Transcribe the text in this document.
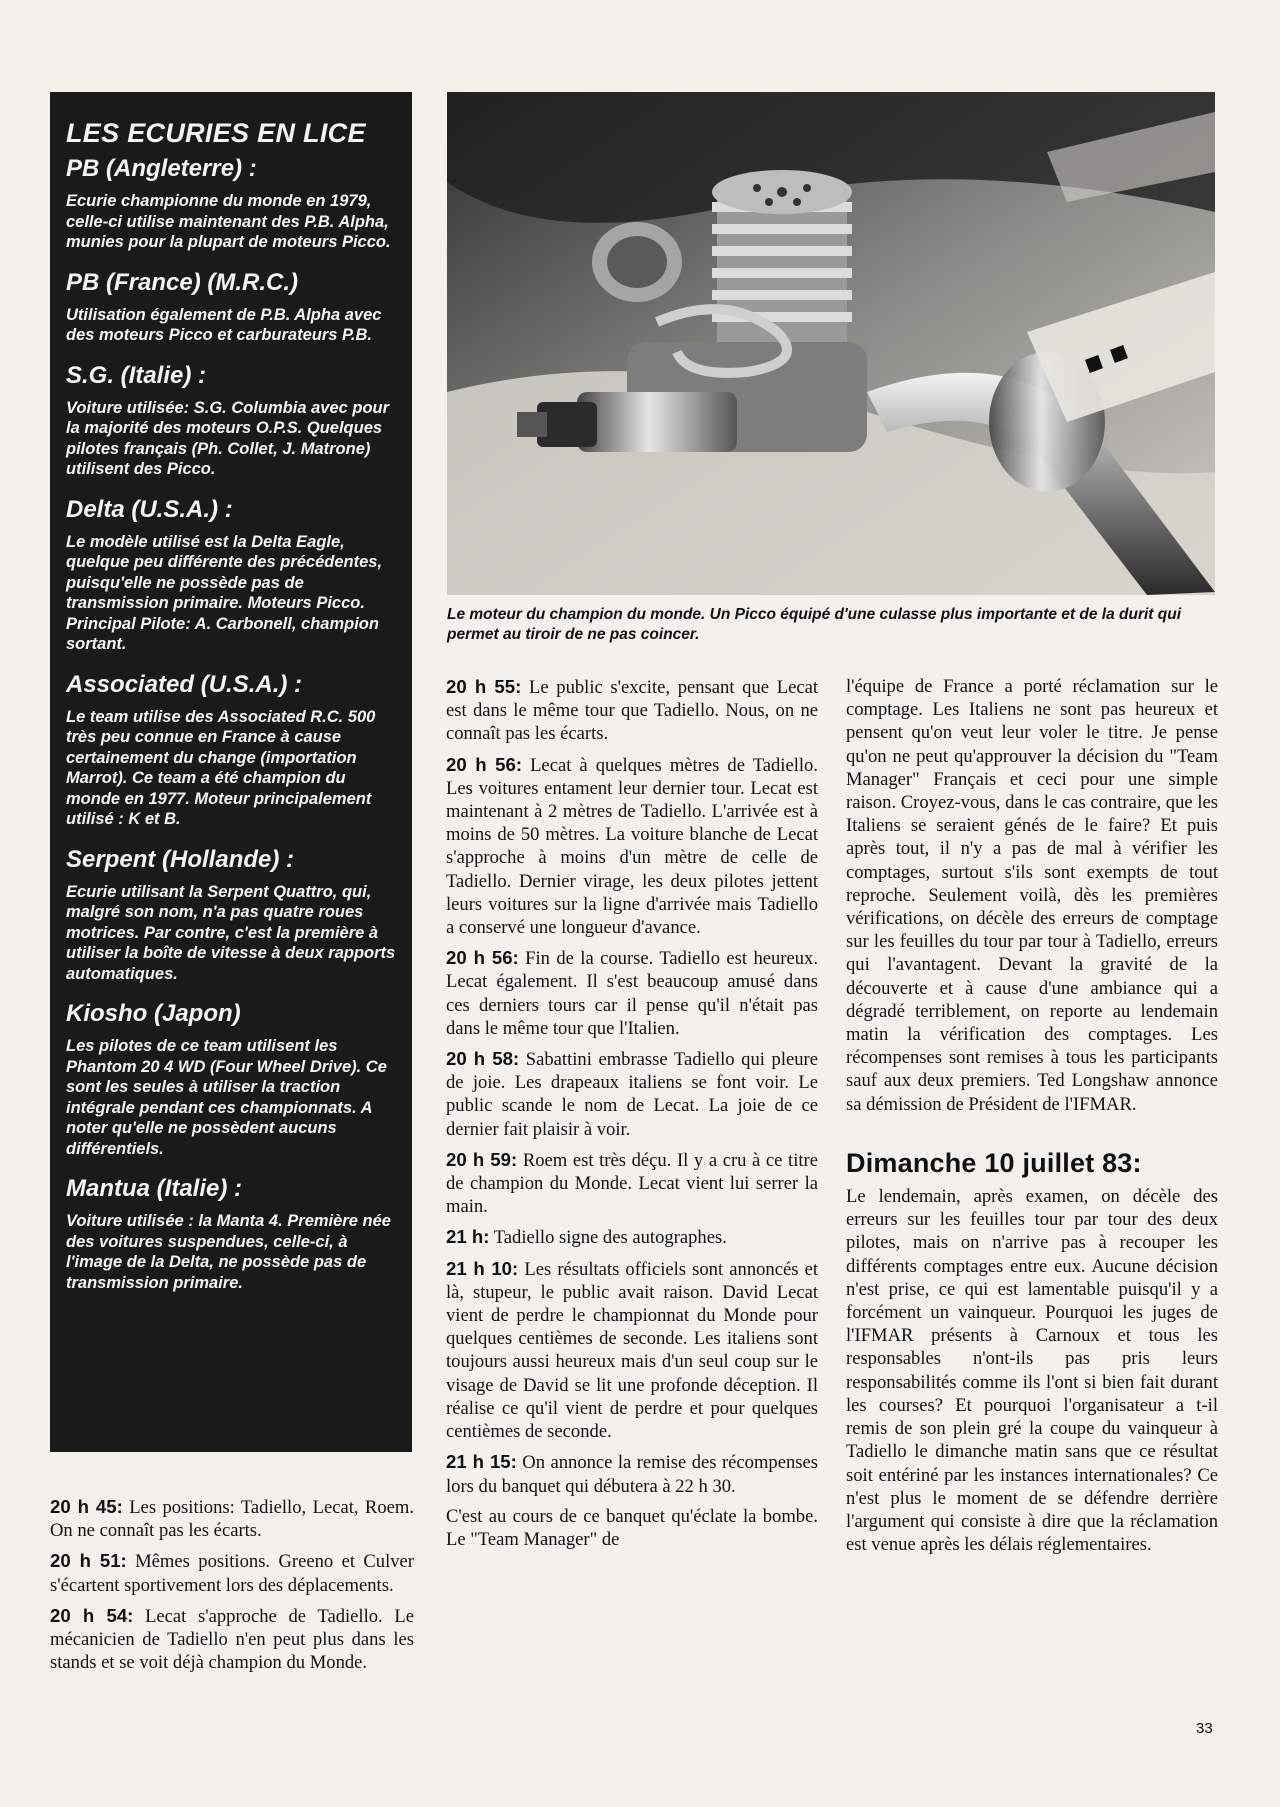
LES ECURIES EN LICE
PB (Angleterre) :

Ecurie championne du monde en 1979, celle-ci utilise maintenant des P.B. Alpha, munies pour la plupart de moteurs Picco.

PB (France) (M.R.C.)

Utilisation également de P.B. Alpha avec des moteurs Picco et carburateurs P.B.

S.G. (Italie) :

Voiture utilisée: S.G. Columbia avec pour la majorité des moteurs O.P.S. Quelques pilotes français (Ph. Collet, J. Matrone) utilisent des Picco.

Delta (U.S.A.) :

Le modèle utilisé est la Delta Eagle, quelque peu différente des précédentes, puisqu'elle ne possède pas de transmission primaire. Moteurs Picco. Principal Pilote: A. Carbonell, champion sortant.

Associated (U.S.A.) :

Le team utilise des Associated R.C. 500 très peu connue en France à cause certainement du change (importation Marrot). Ce team a été champion du monde en 1977. Moteur principalement utilisé : K et B.

Serpent (Hollande) :

Ecurie utilisant la Serpent Quattro, qui, malgré son nom, n'a pas quatre roues motrices. Par contre, c'est la première à utiliser la boîte de vitesse à deux rapports automatiques.

Kiosho (Japon)

Les pilotes de ce team utilisent les Phantom 20 4 WD (Four Wheel Drive). Ce sont les seules à utiliser la traction intégrale pendant ces championnats. A noter qu'elle ne possèdent aucuns différentiels.

Mantua (Italie) :

Voiture utilisée : la Manta 4. Première née des voitures suspendues, celle-ci, à l'image de la Delta, ne possède pas de transmission primaire.

Le moteur du champion du monde. Un Picco équipé d'une culasse plus importante et de la durit qui permet au tiroir de ne pas coincer.

20 h 45: Les positions: Tadiello, Lecat, Roem. On ne connaît pas les écarts.

20 h 51: Mêmes positions. Greeno et Culver s'écartent sportivement lors des déplacements.

20 h 54: Lecat s'approche de Tadiello. Le mécanicien de Tadiello n'en peut plus dans les stands et se voit déjà champion du Monde.

20 h 55: Le public s'excite, pensant que Lecat est dans le même tour que Tadiello. Nous, on ne connaît pas les écarts.

20 h 56: Lecat à quelques mètres de Tadiello. Les voitures entament leur dernier tour. Lecat est maintenant à 2 mètres de Tadiello. L'arrivée est à moins de 50 mètres. La voiture blanche de Lecat s'approche à moins d'un mètre de celle de Tadiello. Dernier virage, les deux pilotes jettent leurs voitures sur la ligne d'arrivée mais Tadiello a conservé une longueur d'avance.

20 h 56: Fin de la course. Tadiello est heureux. Lecat également. Il s'est beaucoup amusé dans ces derniers tours car il pense qu'il n'était pas dans le même tour que l'Italien.

20 h 58: Sabattini embrasse Tadiello qui pleure de joie. Les drapeaux italiens se font voir. Le public scande le nom de Lecat. La joie de ce dernier fait plaisir à voir.

20 h 59: Roem est très déçu. Il y a cru à ce titre de champion du Monde. Lecat vient lui serrer la main.

21 h: Tadiello signe des autographes.

21 h 10: Les résultats officiels sont annoncés et là, stupeur, le public avait raison. David Lecat vient de perdre le championnat du Monde pour quelques centièmes de seconde. Les italiens sont toujours aussi heureux mais d'un seul coup sur le visage de David se lit une profonde déception. Il réalise ce qu'il vient de perdre et pour quelques centièmes de seconde.

21 h 15: On annonce la remise des récompenses lors du banquet qui débutera à 22 h 30.

C'est au cours de ce banquet qu'éclate la bombe. Le "Team Manager" de

l'équipe de France a porté réclamation sur le comptage. Les Italiens ne sont pas heureux et pensent qu'on veut leur voler le titre. Je pense qu'on ne peut qu'approuver la décision du "Team Manager" Français et ceci pour une simple raison. Croyez-vous, dans le cas contraire, que les Italiens se seraient génés de le faire? Et puis après tout, il n'y a pas de mal à vérifier les comptages, surtout s'ils sont exempts de tout reproche. Seulement voilà, dès les premières vérifications, on décèle des erreurs de comptage sur les feuilles du tour par tour à Tadiello, erreurs qui l'avantagent. Devant la gravité de la découverte et à cause d'une ambiance qui a dégradé terriblement, on reporte au lendemain matin la vérification des comptages. Les récompenses sont remises à tous les participants sauf aux deux premiers. Ted Longshaw annonce sa démission de Président de l'IFMAR.

Dimanche 10 juillet 83:

Le lendemain, après examen, on décèle des erreurs sur les feuilles tour par tour des deux pilotes, mais on n'arrive pas à recouper les différents comptages entre eux. Aucune décision n'est prise, ce qui est lamentable puisqu'il y a forcément un vainqueur. Pourquoi les juges de l'IFMAR présents à Carnoux et tous les responsables n'ont-ils pas pris leurs responsabilités comme ils l'ont si bien fait durant les courses? Et pourquoi l'organisateur a t-il remis de son plein gré la coupe du vainqueur à Tadiello le dimanche matin sans que ce résultat soit entériné par les instances internationales? Ce n'est plus le moment de se défendre derrière l'argument qui consiste à dire que la réclamation est venue après les délais réglementaires.

33
